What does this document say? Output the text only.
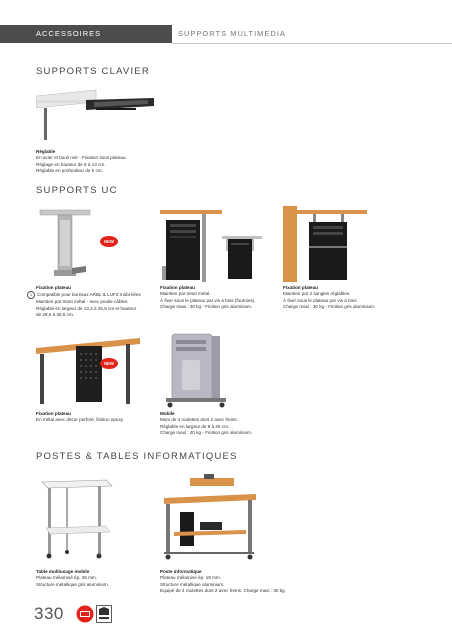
ACCESSOIRES	SUPPORTS MULTIMEDIA
SUPPORTS CLAVIER
Réglable
En acier et bouli noir - Fixation sous plateau.
Réglage en hauteur de 6 à 13 cm.
Réglable en profondeur de 5 cm.
SUPPORTS UC
NEW
Fixation plateau
1 Compatible pour bureaux ARBL & LUFZ mobi-liées
Maintien par tirant métal - avec poulie-câbles.
Réglable en largeur de 13,3 à 25,5 cm et hauteur
de 28,5 à 48,5 cm.
Fixation plateau
Maintien par tirant métal.
À fixer sous le plateau par vis à bois (fournies).
Charge maxi : 30 kg - Finition gris aluminium.
Fixation plateau
Maintien par 2 sangles réglables.
À fixer sous le plateau par vis à bois.
Charge maxi : 30 kg - Finition gris aluminium.
NEW
Fixation plateau
En métal avec décor perforé, finition epoxy.
Mobile
Muni de 4 roulettes dont 2 avec freins.
Réglable en largeur de 8 à 25 cm.
Charge maxi : 40 kg - Finition gris aluminium.
POSTES & TABLES INFORMATIQUES
Table multiusage mobile
Plateau mélaminé ép. 25 mm.
Structure métallique gris aluminium.
Poste informatique
Plateau mélaminé ép. 19 mm.
Structure métallique aluminium.
Équipé de 4 roulettes dont 2 avec freins. Charge maxi : 30 kg.
330
